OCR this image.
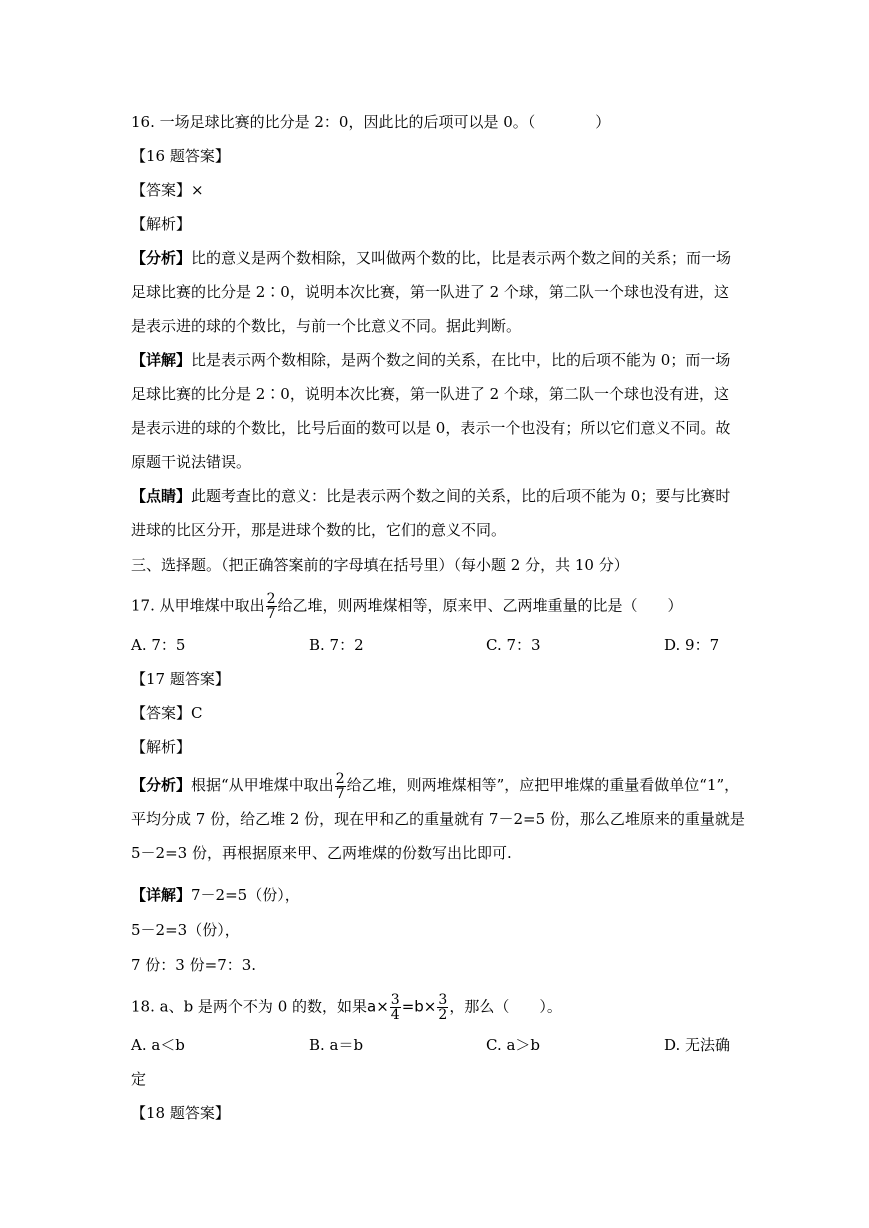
16. 一场足球比赛的比分是 2：0，因此比的后项可以是 0。（　　　　）
【16 题答案】
【答案】×
【解析】
【分析】比的意义是两个数相除，又叫做两个数的比，比是表示两个数之间的关系；而一场足球比赛的比分是 2∶0，说明本次比赛，第一队进了 2 个球，第二队一个球也没有进，这是表示进的球的个数比，与前一个比意义不同。据此判断。
【详解】比是表示两个数相除，是两个数之间的关系，在比中，比的后项不能为 0；而一场足球比赛的比分是 2∶0，说明本次比赛，第一队进了 2 个球，第二队一个球也没有进，这是表示进的球的个数比，比号后面的数可以是 0，表示一个也没有；所以它们意义不同。故原题干说法错误。
【点睛】此题考查比的意义：比是表示两个数之间的关系，比的后项不能为 0；要与比赛时进球的比区分开，那是进球个数的比，它们的意义不同。
三、选择题。（把正确答案前的字母填在括号里）（每小题 2 分，共 10 分）
17. 从甲堆煤中取出 $\frac{2}{7}$ 给乙堆，则两堆煤相等，原来甲、乙两堆重量的比是（　　）
A. 7：5	B. 7：2	C. 7：3	D. 9：7
【17 题答案】
【答案】C
【解析】
【分析】根据“从甲堆煤中取出 $\frac{2}{7}$ 给乙堆，则两堆煤相等”，应把甲堆煤的重量看做单位“1”，平均分成 7 份，给乙堆 2 份，现在甲和乙的重量就有 7－2=5 份，那么乙堆原来的重量就是 5－2=3 份，再根据原来甲、乙两堆煤的份数写出比即可.
【详解】7－2=5（份），
5－2=3（份），
7 份：3 份=7：3.
18. a、b 是两个不为 0 的数，如果$a\times \frac{3}{4} =b\times \frac{3}{2}$ ，那么（　　）。
A. a＜b	B. a＝b	C. a＞b	D. 无法确
定
【18 题答案】
